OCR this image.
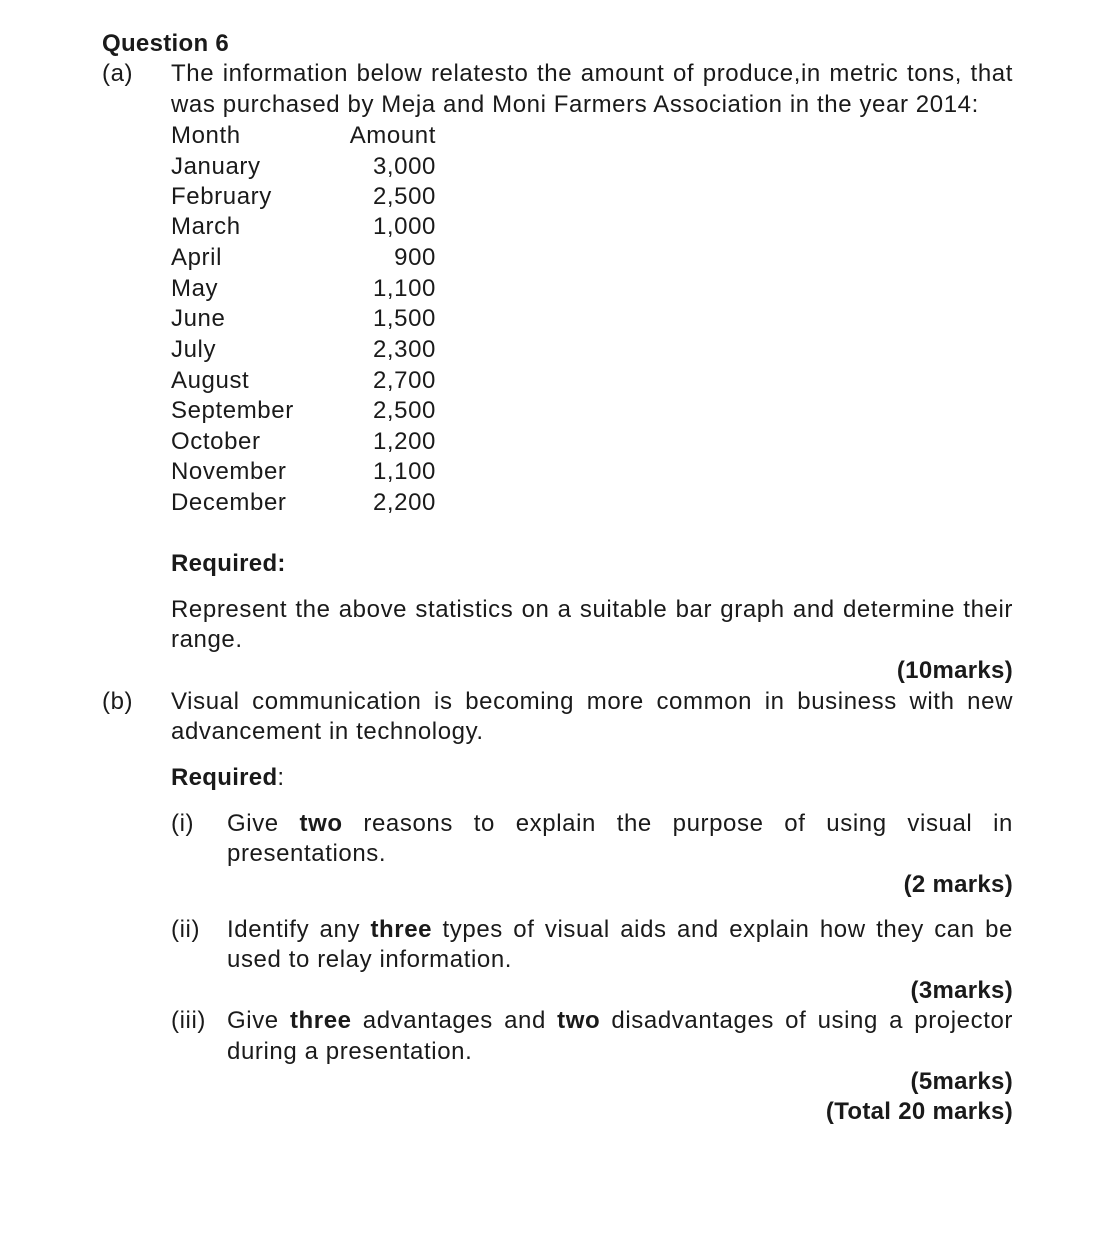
Question 6
(a) The information below relatesto the amount of produce,in metric tons, that
was purchased by Meja and Moni Farmers Association in the year 2014:
Month	Amount
January	3,000
February	2,500
March	1,000
April	900
May	1,100
June	1,500
July	2,300
August	2,700
September	2,500
October	1,200
November	1,100
December	2,200
Required:
Represent the above statistics on a suitable bar graph and determine their
range.
(10marks)
(b) Visual communication is becoming more common in business with new
advancement in technology.
Required:
(i) Give two reasons to explain the purpose of using visual in
presentations.
(2 marks)
(ii) Identify any three types of visual aids and explain how they can be
used to relay information.
(3marks)
(iii) Give three advantages and two disadvantages of using a projector
during a presentation.
(5marks)
(Total 20 marks)
